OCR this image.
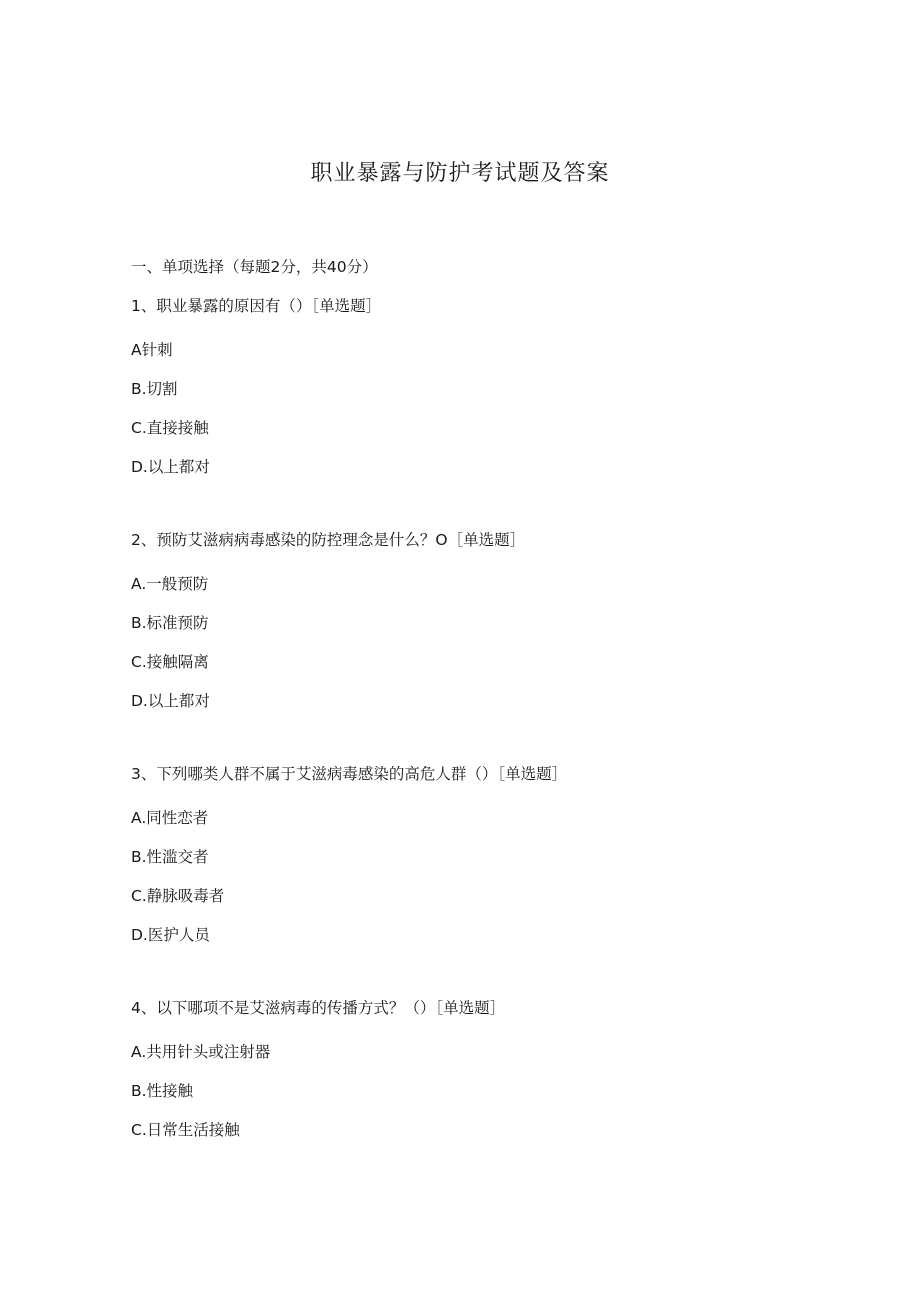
职业暴露与防护考试题及答案
一、单项选择（每题2分，共40分）
1、职业暴露的原因有（）［单选题］
A针刺
B.切割
C.直接接触
D.以上都对
2、预防艾滋病病毒感染的防控理念是什么？O［单选题］
A.一般预防
B.标准预防
C.接触隔离
D.以上都对
3、下列哪类人群不属于艾滋病毒感染的高危人群（）［单选题］
A.同性恋者
B.性滥交者
C.静脉吸毒者
D.医护人员
4、以下哪项不是艾滋病毒的传播方式？（）［单选题］
A.共用针头或注射器
B.性接触
C.日常生活接触
